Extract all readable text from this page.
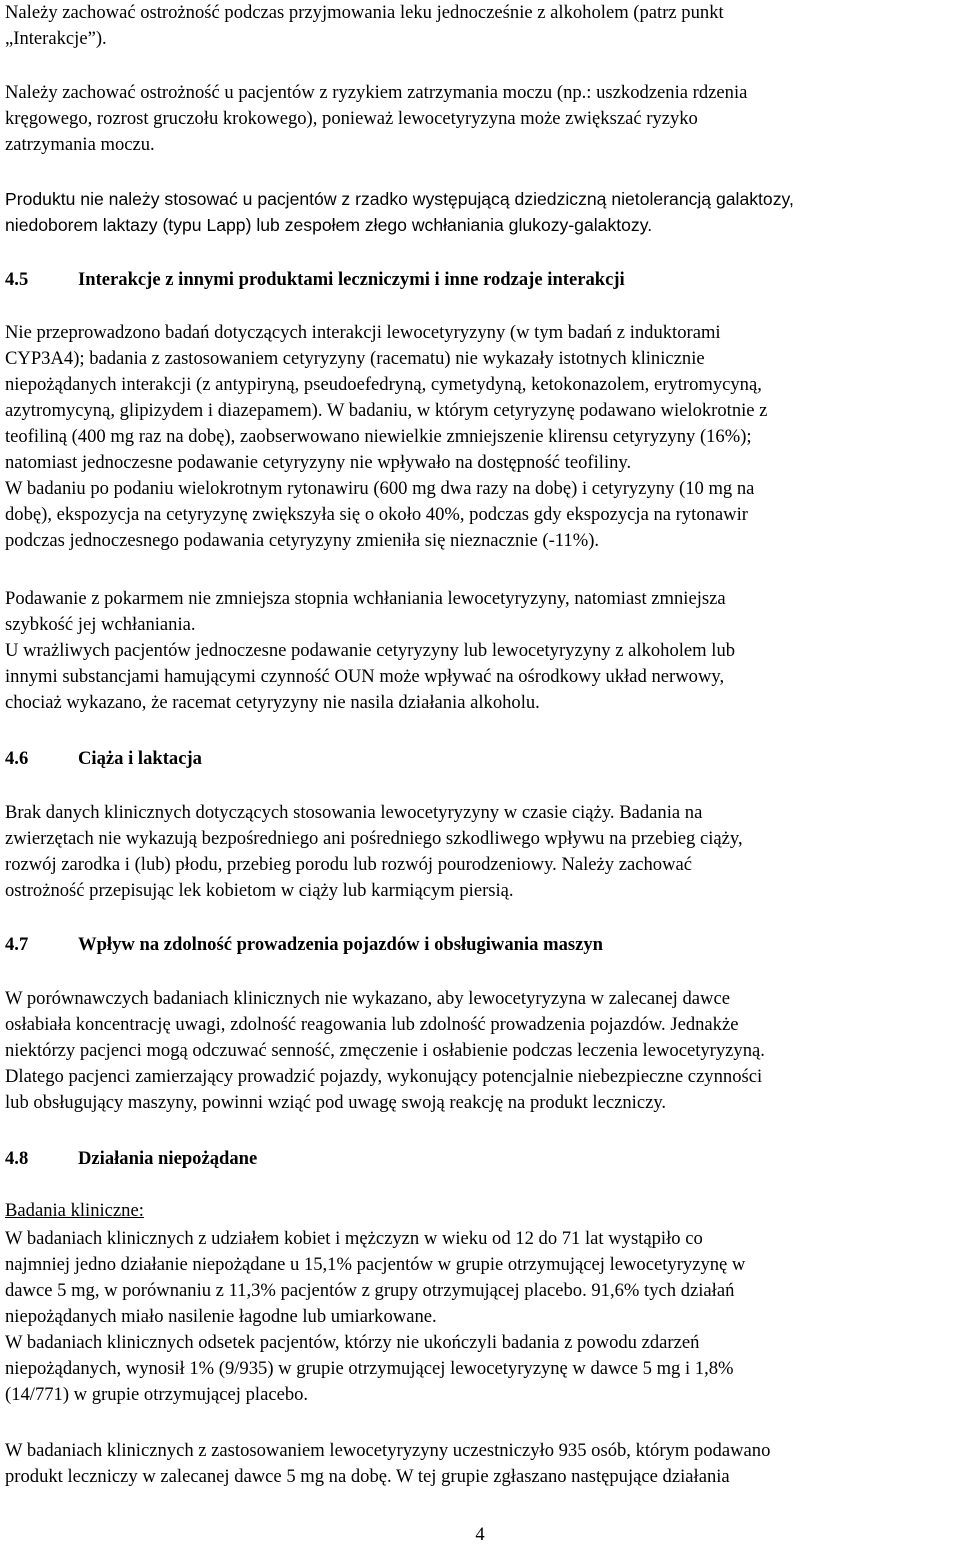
Należy zachować ostrożność podczas przyjmowania leku jednocześnie z alkoholem (patrz punkt
„Interakcje”).

Należy zachować ostrożność u pacjentów z ryzykiem zatrzymania moczu (np.: uszkodzenia rdzenia
kręgowego, rozrost gruczołu krokowego), ponieważ lewocetyryzyna może zwiększać ryzyko
zatrzymania moczu.

Produktu nie należy stosować u pacjentów z rzadko występującą dziedziczną nietolerancją galaktozy,
niedoborem laktazy (typu Lapp) lub zespołem złego wchłaniania glukozy-galaktozy.

4.5	Interakcje z innymi produktami leczniczymi i inne rodzaje interakcji

Nie przeprowadzono badań dotyczących interakcji lewocetyryzyny (w tym badań z induktorami
CYP3A4); badania z zastosowaniem cetyryzyny (racematu) nie wykazały istotnych klinicznie
niepożądanych interakcji (z antypiryną, pseudoefedryną, cymetydyną, ketokonazolem, erytromycyną,
azytromycyną, glipizydem i diazepamem). W badaniu, w którym cetyryzynę podawano wielokrotnie z
teofiliną (400 mg raz na dobę), zaobserwowano niewielkie zmniejszenie klirensu cetyryzyny (16%);
natomiast jednoczesne podawanie cetyryzyny nie wpływało na dostępność teofiliny.
W badaniu po podaniu wielokrotnym rytonawiru (600 mg dwa razy na dobę) i cetyryzyny (10 mg na
dobę), ekspozycja na cetyryzynę zwiększyła się o około 40%, podczas gdy ekspozycja na rytonawir
podczas jednoczesnego podawania cetyryzyny zmieniła się nieznacznie (-11%).

Podawanie z pokarmem nie zmniejsza stopnia wchłaniania lewocetyryzyny, natomiast zmniejsza
szybkość jej wchłaniania.
U wrażliwych pacjentów jednoczesne podawanie cetyryzyny lub lewocetyryzyny z alkoholem lub
innymi substancjami hamującymi czynność OUN może wpływać na ośrodkowy układ nerwowy,
chociaż wykazano, że racemat cetyryzyny nie nasila działania alkoholu.

4.6	Ciąża i laktacja

Brak danych klinicznych dotyczących stosowania lewocetyryzyny w czasie ciąży. Badania na
zwierzętach nie wykazują bezpośredniego ani pośredniego szkodliwego wpływu na przebieg ciąży,
rozwój zarodka i (lub) płodu, przebieg porodu lub rozwój pourodzeniowy. Należy zachować
ostrożność przepisując lek kobietom w ciąży lub karmiącym piersią.

4.7	Wpływ na zdolność prowadzenia pojazdów i obsługiwania maszyn

W porównawczych badaniach klinicznych nie wykazano, aby lewocetyryzyna w zalecanej dawce
osłabiała koncentrację uwagi, zdolność reagowania lub zdolność prowadzenia pojazdów. Jednakże
niektórzy pacjenci mogą odczuwać senność, zmęczenie i osłabienie podczas leczenia lewocetyryzyną.
Dlatego pacjenci zamierzający prowadzić pojazdy, wykonujący potencjalnie niebezpieczne czynności
lub obsługujący maszyny, powinni wziąć pod uwagę swoją reakcję na produkt leczniczy.

4.8	Działania niepożądane

Badania kliniczne:

W badaniach klinicznych z udziałem kobiet i mężczyzn w wieku od 12 do 71 lat wystąpiło co
najmniej jedno działanie niepożądane u 15,1% pacjentów w grupie otrzymującej lewocetyryzynę w
dawce 5 mg, w porównaniu z 11,3% pacjentów z grupy otrzymującej placebo. 91,6% tych działań
niepożądanych miało nasilenie łagodne lub umiarkowane.
W badaniach klinicznych odsetek pacjentów, którzy nie ukończyli badania z powodu zdarzeń
niepożądanych, wynosił 1% (9/935) w grupie otrzymującej lewocetyryzynę w dawce 5 mg i 1,8%
(14/771) w grupie otrzymującej placebo.

W badaniach klinicznych z zastosowaniem lewocetyryzyny uczestniczyło 935 osób, którym podawano
produkt leczniczy w zalecanej dawce 5 mg na dobę. W tej grupie zgłaszano następujące działania

4
